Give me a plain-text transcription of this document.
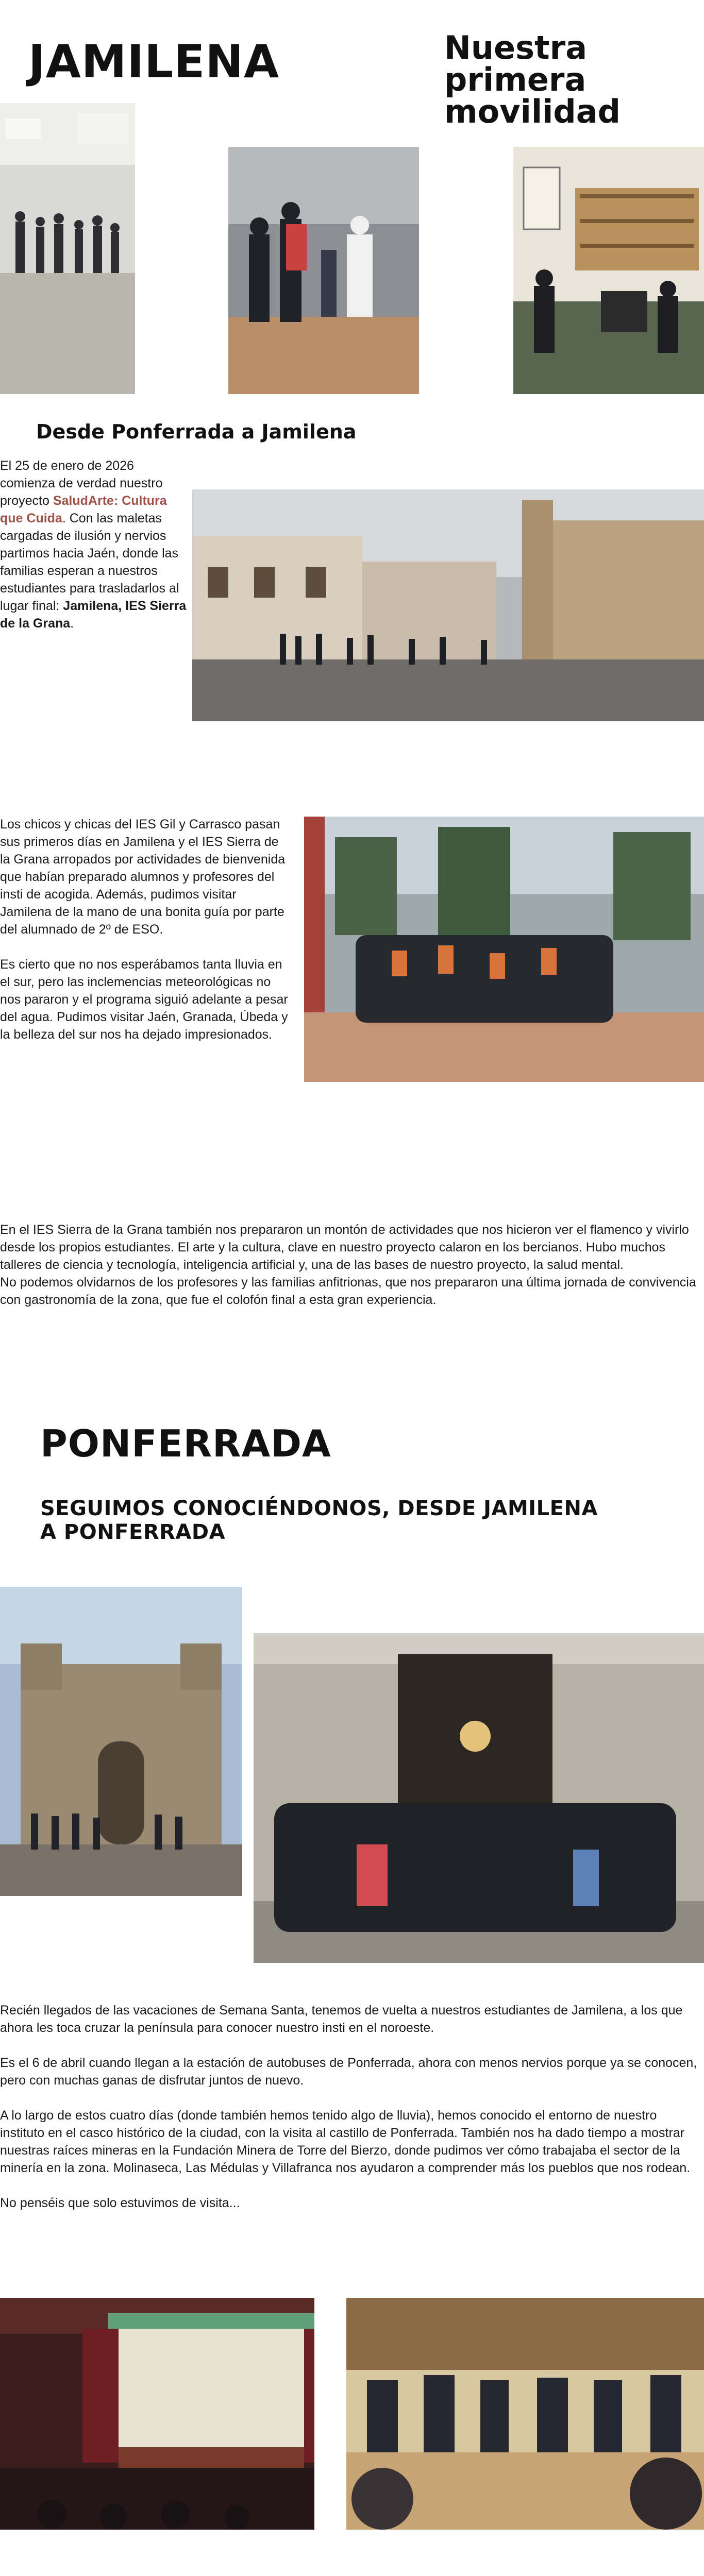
JAMILENA	Nuestra
primera
movilidad
Desde Ponferrada a Jamilena
El 25 de enero de 2026 comienza de verdad nuestro proyecto SaludArte: Cultura que Cuida. Con las maletas cargadas de ilusión y nervios partimos hacia Jaén, donde las familias esperan a nuestros estudiantes para trasladarlos al lugar final: Jamilena, IES Sierra de la Grana.

Los chicos y chicas del IES Gil y Carrasco pasan sus primeros días en Jamilena y el IES Sierra de la Grana arropados por actividades de bienvenida que habían preparado alumnos y profesores del insti de acogida. Además, pudimos visitar Jamilena de la mano de una bonita guía por parte del alumnado de 2º de ESO.

Es cierto que no nos esperábamos tanta lluvia en el sur, pero las inclemencias meteorológicas no nos pararon y el programa siguió adelante a pesar del agua. Pudimos visitar Jaén, Granada, Úbeda y la belleza del sur nos ha dejado impresionados.

En el IES Sierra de la Grana también nos prepararon un montón de actividades que nos hicieron ver el flamenco y vivirlo desde los propios estudiantes. El arte y la cultura, clave en nuestro proyecto calaron en los bercianos. Hubo muchos talleres de ciencia y tecnología, inteligencia artificial y, una de las bases de nuestro proyecto, la salud mental.
No podemos olvidarnos de los profesores y las familias anfitrionas, que nos prepararon una última jornada de convivencia con gastronomía de la zona, que fue el colofón final a esta gran experiencia.
PONFERRADA
SEGUIMOS CONOCIÉNDONOS, DESDE JAMILENA
A PONFERRADA

Recién llegados de las vacaciones de Semana Santa, tenemos de vuelta a nuestros estudiantes de Jamilena, a los que ahora les toca cruzar la península para conocer nuestro insti en el noroeste.

Es el 6 de abril cuando llegan a la estación de autobuses de Ponferrada, ahora con menos nervios porque ya se conocen, pero con muchas ganas de disfrutar juntos de nuevo.

A lo largo de estos cuatro días (donde también hemos tenido algo de lluvia), hemos conocido el entorno de nuestro instituto en el casco histórico de la ciudad, con la visita al castillo de Ponferrada. También nos ha dado tiempo a mostrar nuestras raíces mineras en la Fundación Minera de Torre del Bierzo, donde pudimos ver cómo trabajaba el sector de la minería en la zona. Molinaseca, Las Médulas y Villafranca nos ayudaron a comprender más los pueblos que nos rodean.

No penséis que solo estuvimos de visita...
